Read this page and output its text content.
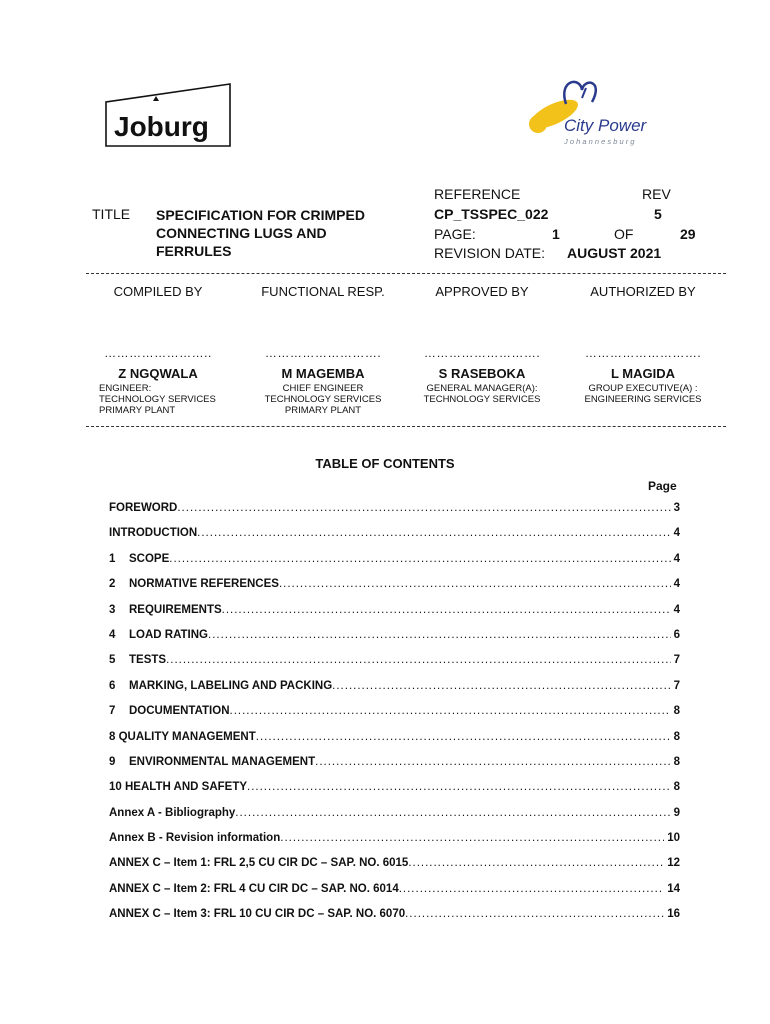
Joburg	City Power
J o h a n n e s b u r g
TITLE SPECIFICATION FOR CRIMPED
CONNECTING LUGS AND
FERRULES
REFERENCE	REV
CP_TSSPEC_022	5
PAGE:	1	OF	29
REVISION DATE: AUGUST 2021
COMPILED BY
……………………..
Z NGQWALA
ENGINEER:
TECHNOLOGY SERVICES
PRIMARY PLANT
FUNCTIONAL RESP.
……………………….
M MAGEMBA
CHIEF ENGINEER
TECHNOLOGY SERVICES
PRIMARY PLANT
APPROVED BY
……………………….
S RASEBOKA
GENERAL MANAGER(A):
TECHNOLOGY SERVICES
AUTHORIZED BY
……………………….
L MAGIDA
GROUP EXECUTIVE(A) :
ENGINEERING SERVICES
TABLE OF CONTENTS
Page
FOREWORD .....	3
INTRODUCTION .....	4
1	SCOPE .....	4
2	NORMATIVE REFERENCES .....	4
3	REQUIREMENTS .....	4
4	LOAD RATING .....	6
5	TESTS .....	7
6	MARKING, LABELING AND PACKING .....	7
7	DOCUMENTATION .....	8
8 QUALITY MANAGEMENT .....	8
9	ENVIRONMENTAL MANAGEMENT .....	8
10 HEALTH AND SAFETY .....	8
Annex A - Bibliography .....	9
Annex B - Revision information .....	10
ANNEX C – Item 1: FRL 2,5 CU CIR DC – SAP. NO. 6015 .....	12
ANNEX C – Item 2: FRL 4 CU CIR DC – SAP. NO. 6014 .....	14
ANNEX C – Item 3: FRL 10 CU CIR DC – SAP. NO. 6070 .....	16
